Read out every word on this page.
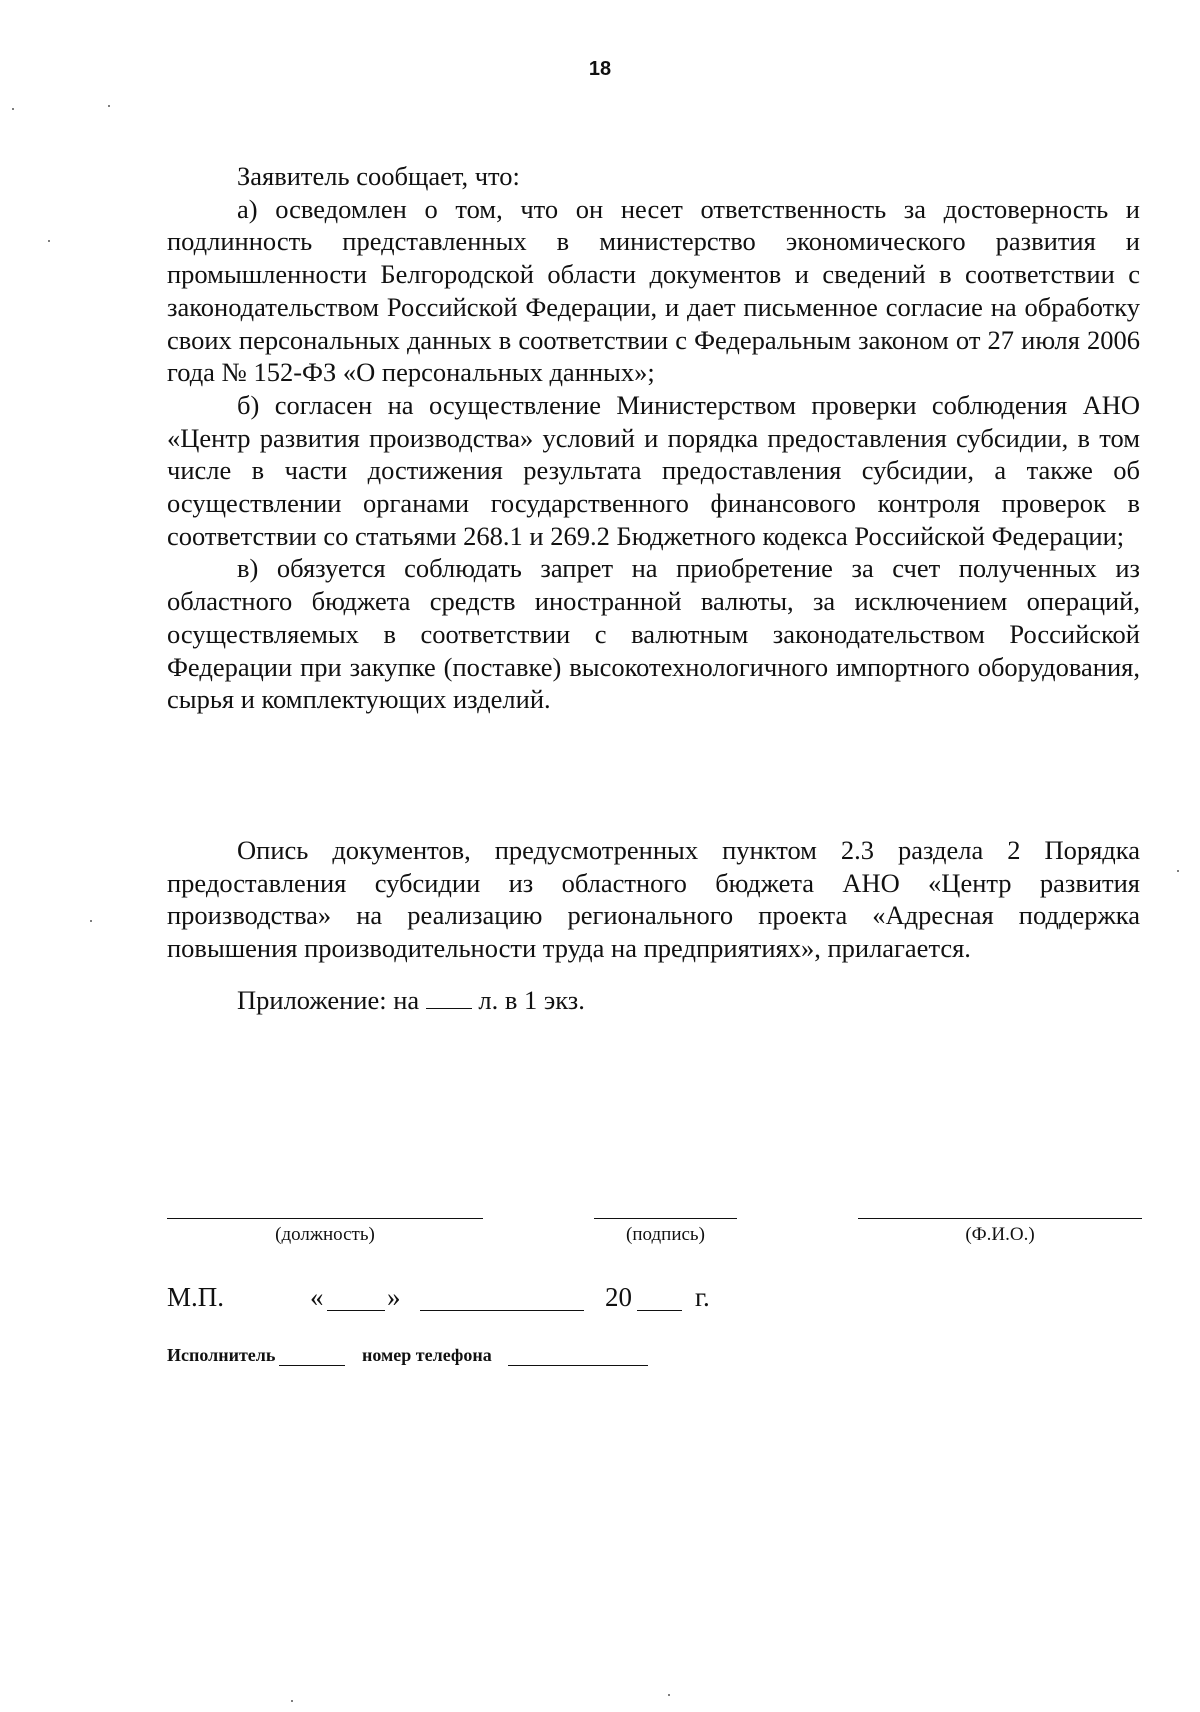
18

Заявитель сообщает, что:

а) осведомлен о том, что он несет ответственность за достоверность и подлинность представленных в министерство экономического развития и промышленности Белгородской области документов и сведений в соответствии с законодательством Российской Федерации, и дает письменное согласие на обработку своих персональных данных в соответствии с Федеральным законом от 27 июля 2006 года № 152-ФЗ «О персональных данных»;

б) согласен на осуществление Министерством проверки соблюдения АНО «Центр развития производства» условий и порядка предоставления субсидии, в том числе в части достижения результата предоставления субсидии, а также об осуществлении органами государственного финансового контроля проверок в соответствии со статьями 268.1 и 269.2 Бюджетного кодекса Российской Федерации;

в) обязуется соблюдать запрет на приобретение за счет полученных из областного бюджета средств иностранной валюты, за исключением операций, осуществляемых в соответствии с валютным законодательством Российской Федерации при закупке (поставке) высокотехнологичного импортного оборудования, сырья и комплектующих изделий.

Опись документов, предусмотренных пунктом 2.3 раздела 2 Порядка предоставления субсидии из областного бюджета АНО «Центр развития производства» на реализацию регионального проекта «Адресная поддержка повышения производительности труда на предприятиях», прилагается.

Приложение: на л. в 1 экз.

(должность)	(подпись)	(Ф.И.О.)
М.П.	« »	20 г.
Исполнитель	номер телефона
